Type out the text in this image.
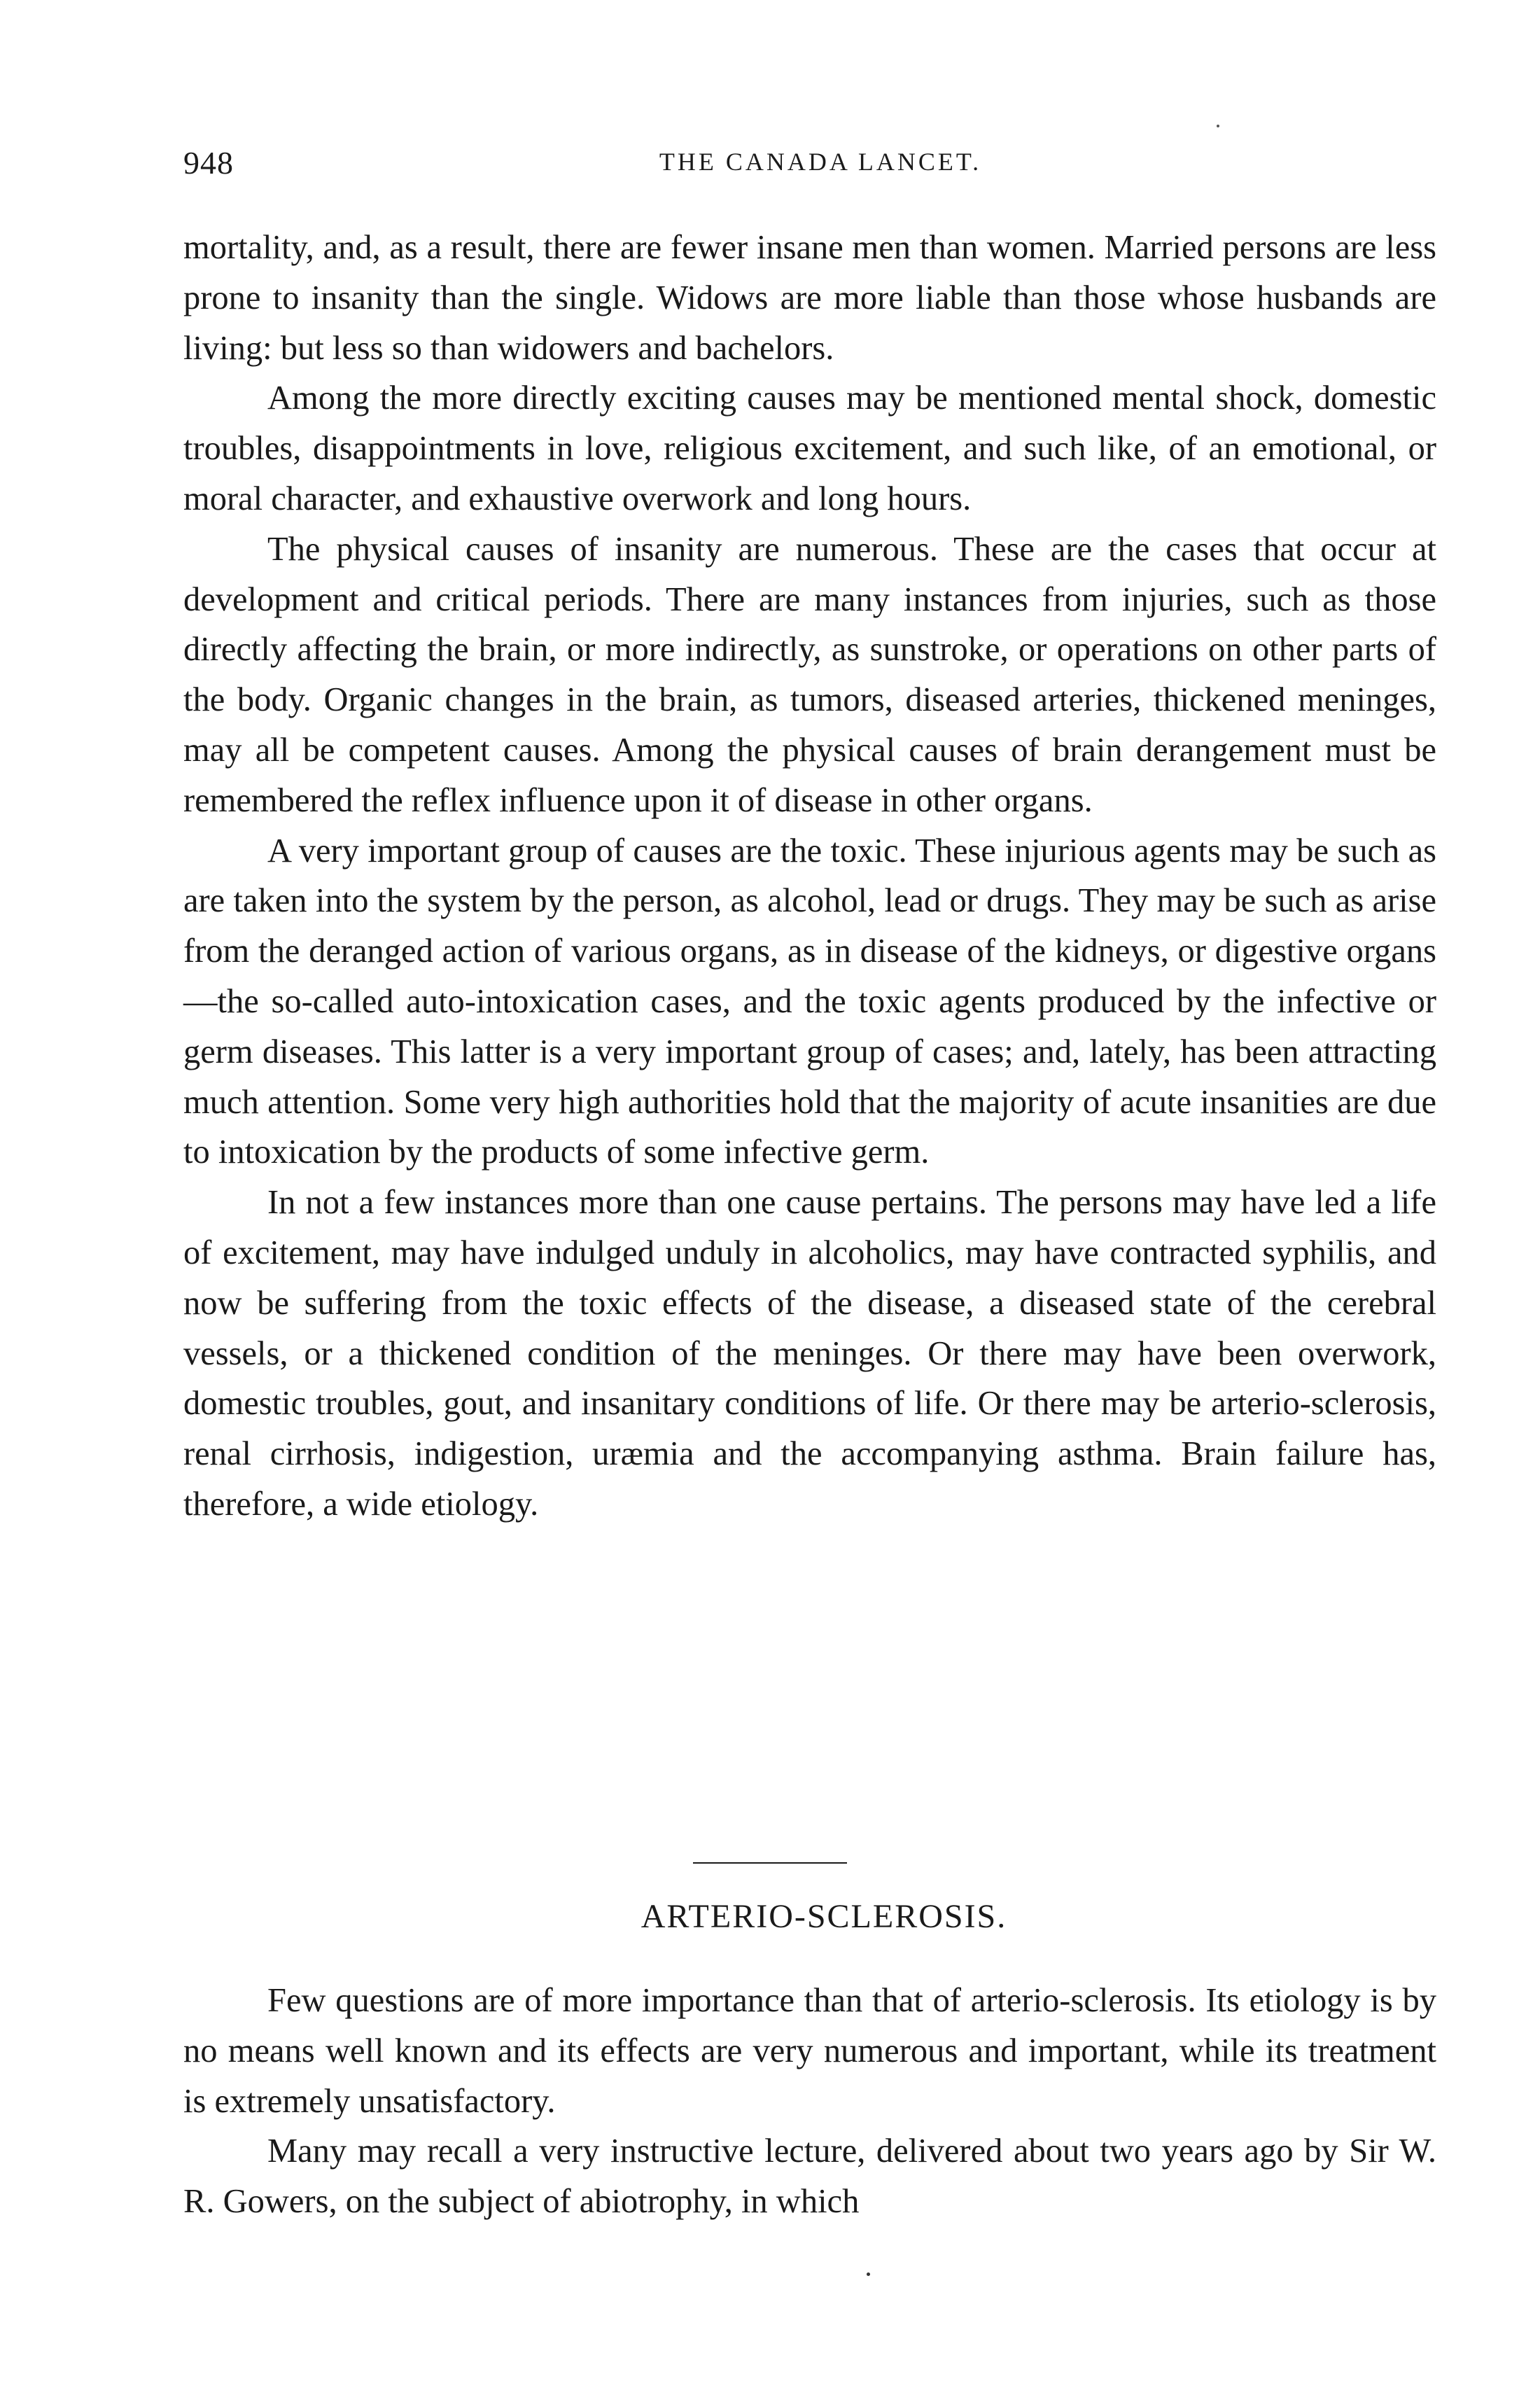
948	THE CANADA LANCET.

mortality, and, as a result, there are fewer insane men than women. Married persons are less prone to insanity than the single. Widows are more liable than those whose husbands are living: but less so than widowers and bachelors.

Among the more directly exciting causes may be mentioned mental shock, domestic troubles, disappointments in love, religious excitement, and such like, of an emotional, or moral character, and exhaustive overwork and long hours.

The physical causes of insanity are numerous. These are the cases that occur at development and critical periods. There are many instances from injuries, such as those directly affecting the brain, or more indirectly, as sunstroke, or operations on other parts of the body. Organic changes in the brain, as tumors, diseased arteries, thickened meninges, may all be competent causes. Among the physical causes of brain derangement must be remembered the reflex influence upon it of disease in other organs.

A very important group of causes are the toxic. These injurious agents may be such as are taken into the system by the person, as alcohol, lead or drugs. They may be such as arise from the deranged action of various organs, as in disease of the kidneys, or digestive organs—the so-called auto-intoxication cases, and the toxic agents produced by the infective or germ diseases. This latter is a very important group of cases; and, lately, has been attracting much attention. Some very high authorities hold that the majority of acute insanities are due to intoxication by the products of some infective germ.

In not a few instances more than one cause pertains. The persons may have led a life of excitement, may have indulged unduly in alcoholics, may have contracted syphilis, and now be suffering from the toxic effects of the disease, a diseased state of the cerebral vessels, or a thickened condition of the meninges. Or there may have been overwork, domestic troubles, gout, and insanitary conditions of life. Or there may be arterio-sclerosis, renal cirrhosis, indigestion, uræmia and the accompanying asthma. Brain failure has, therefore, a wide etiology.

ARTERIO-SCLEROSIS.

Few questions are of more importance than that of arterio-sclerosis. Its etiology is by no means well known and its effects are very numerous and important, while its treatment is extremely unsatisfactory.

Many may recall a very instructive lecture, delivered about two years ago by Sir W. R. Gowers, on the subject of abiotrophy, in which
